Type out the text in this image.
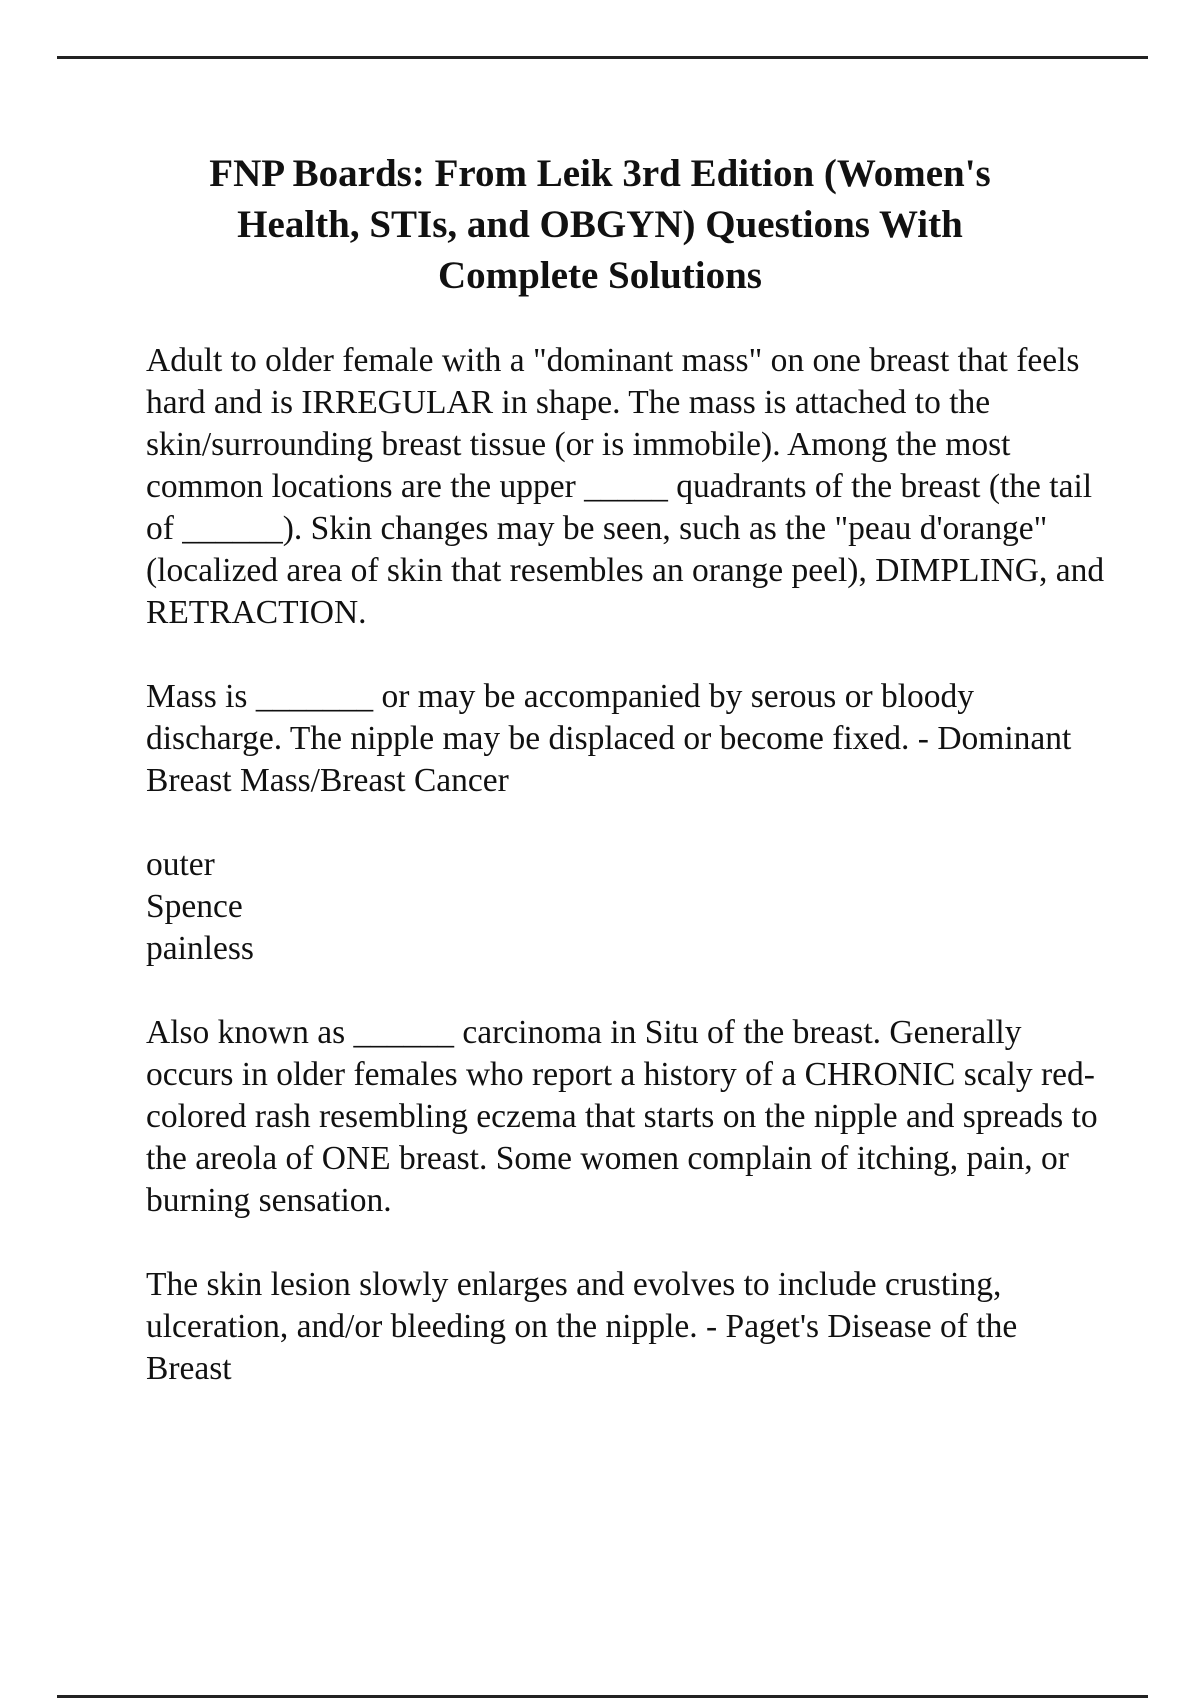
FNP Boards: From Leik 3rd Edition (Women's
Health, STIs, and OBGYN) Questions With
Complete Solutions

Adult to older female with a "dominant mass" on one breast that feels hard and is IRREGULAR in shape. The mass is attached to the skin/surrounding breast tissue (or is immobile). Among the most common locations are the upper _____ quadrants of the breast (the tail of ______). Skin changes may be seen, such as the "peau d'orange" (localized area of skin that resembles an orange peel), DIMPLING, and RETRACTION.

Mass is _______ or may be accompanied by serous or bloody discharge. The nipple may be displaced or become fixed. - Dominant Breast Mass/Breast Cancer

outer
Spence
painless

Also known as ______ carcinoma in Situ of the breast. Generally occurs in older females who report a history of a CHRONIC scaly red-colored rash resembling eczema that starts on the nipple and spreads to the areola of ONE breast. Some women complain of itching, pain, or burning sensation.

The skin lesion slowly enlarges and evolves to include crusting, ulceration, and/or bleeding on the nipple. - Paget's Disease of the Breast
